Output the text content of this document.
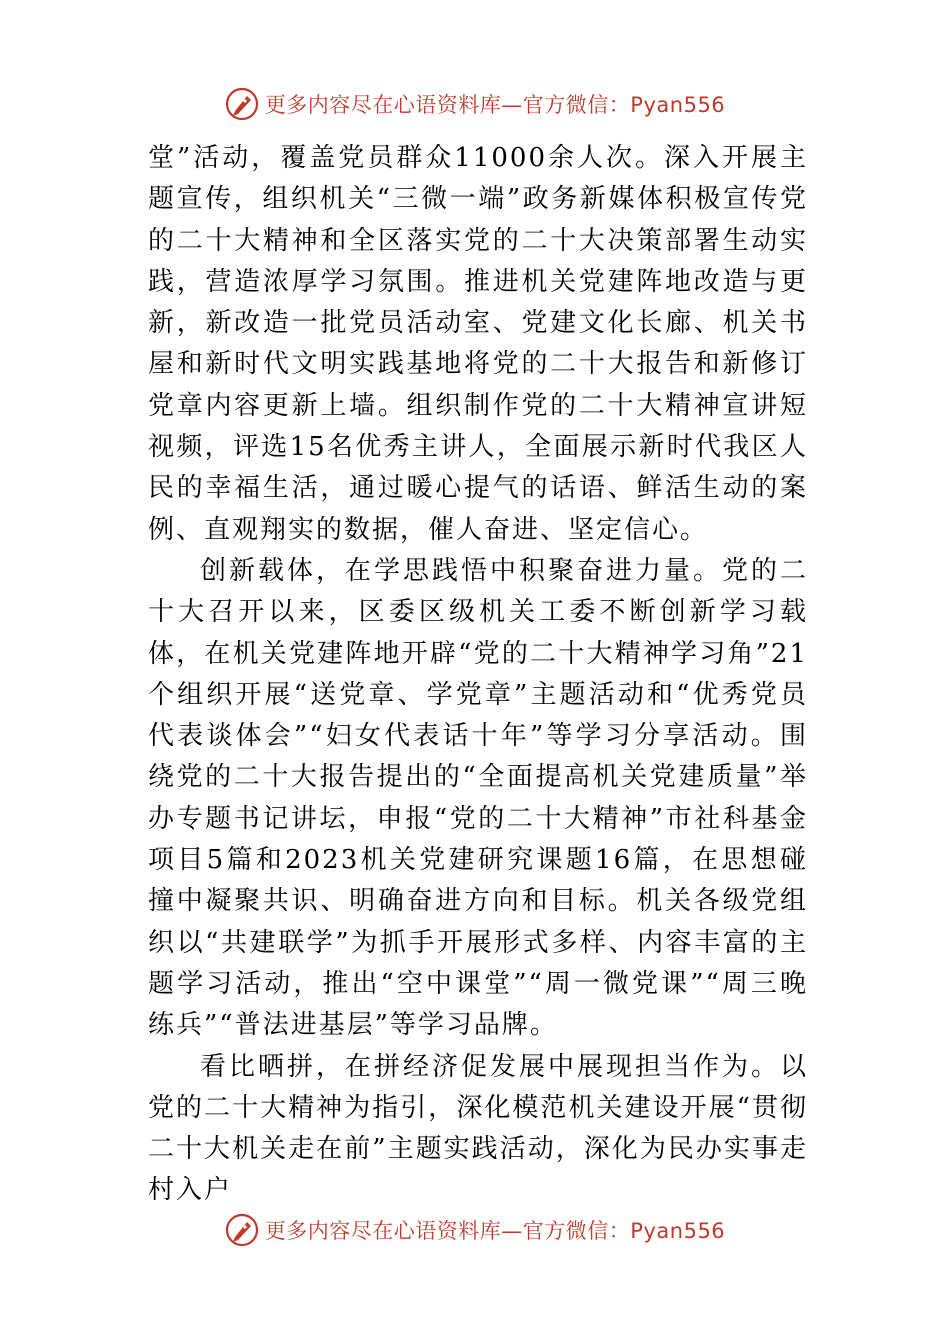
更多内容尽在心语资料库—官方微信：Pyan556

堂”活动，覆盖党员群众11000余人次。深入开展主题宣传，组织机关“三微一端”政务新媒体积极宣传党的二十大精神和全区落实党的二十大决策部署生动实践，营造浓厚学习氛围。推进机关党建阵地改造与更新，新改造一批党员活动室、党建文化长廊、机关书屋和新时代文明实践基地将党的二十大报告和新修订党章内容更新上墙。组织制作党的二十大精神宣讲短视频，评选15名优秀主讲人，全面展示新时代我区人民的幸福生活，通过暖心提气的话语、鲜活生动的案例、直观翔实的数据，催人奋进、坚定信心。

创新载体，在学思践悟中积聚奋进力量。党的二十大召开以来，区委区级机关工委不断创新学习载体，在机关党建阵地开辟“党的二十大精神学习角”21个组织开展“送党章、学党章”主题活动和“优秀党员代表谈体会”“妇女代表话十年”等学习分享活动。围绕党的二十大报告提出的“全面提高机关党建质量”举办专题书记讲坛，申报“党的二十大精神”市社科基金项目5篇和2023机关党建研究课题16篇，在思想碰撞中凝聚共识、明确奋进方向和目标。机关各级党组织以“共建联学”为抓手开展形式多样、内容丰富的主题学习活动，推出“空中课堂”“周一微党课”“周三晚练兵”“普法进基层”等学习品牌。

看比晒拼，在拼经济促发展中展现担当作为。以党的二十大精神为指引，深化模范机关建设开展“贯彻二十大机关走在前”主题实践活动，深化为民办实事走村入户

更多内容尽在心语资料库—官方微信：Pyan556
